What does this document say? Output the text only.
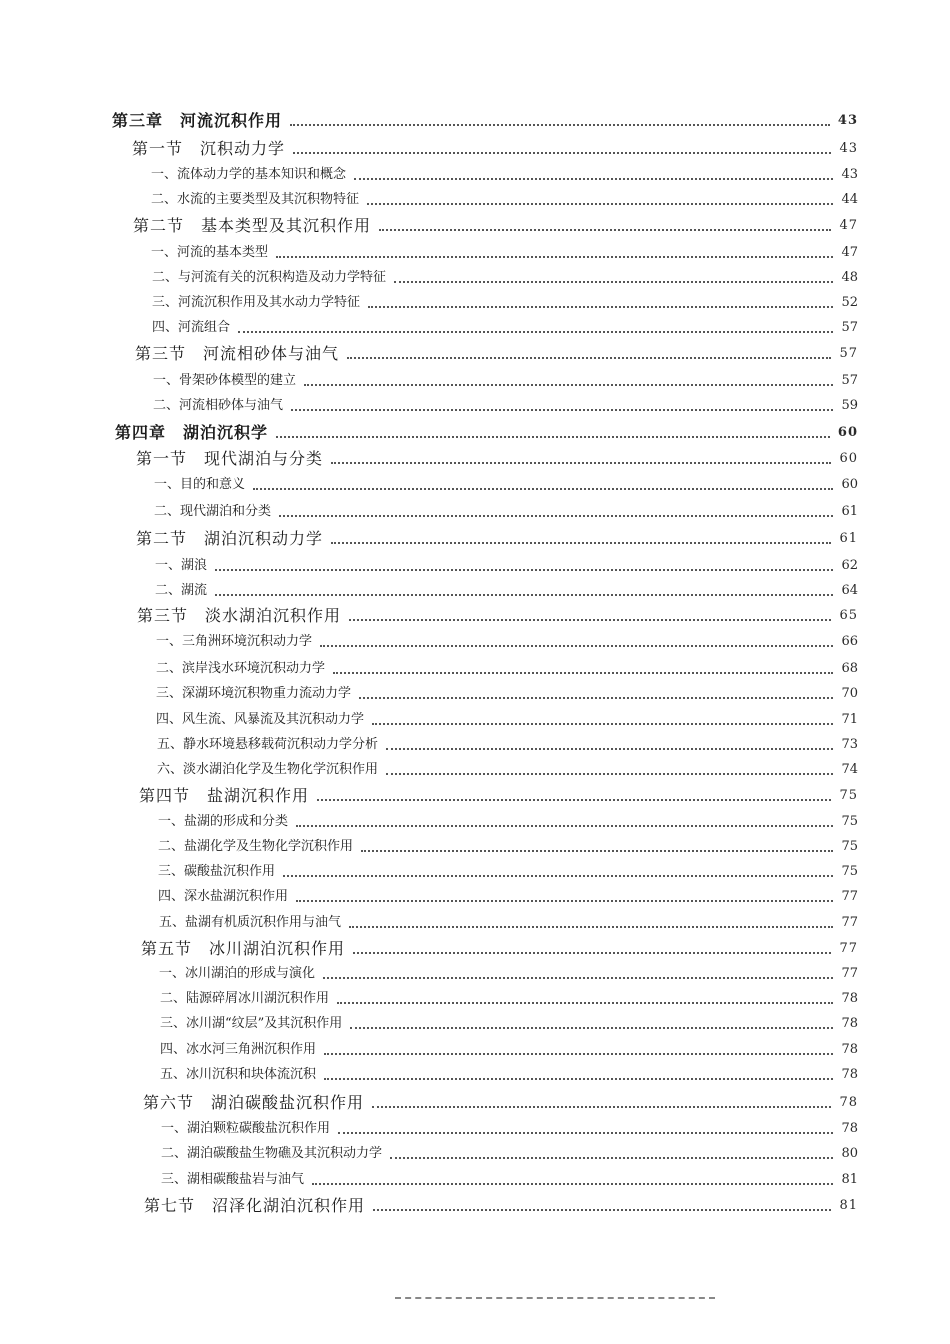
第三章　河流沉积作用	43
第一节　沉积动力学	43
一、流体动力学的基本知识和概念	43
二、水流的主要类型及其沉积物特征	44
第二节　基本类型及其沉积作用	47
一、河流的基本类型	47
二、与河流有关的沉积构造及动力学特征	48
三、河流沉积作用及其水动力学特征	52
四、河流组合	57
第三节　河流相砂体与油气	57
一、骨架砂体模型的建立	57
二、河流相砂体与油气	59
第四章　湖泊沉积学	60
第一节　现代湖泊与分类	60
一、目的和意义	60
二、现代湖泊和分类	61
第二节　湖泊沉积动力学	61
一、湖浪	62
二、湖流	64
第三节　淡水湖泊沉积作用	65
一、三角洲环境沉积动力学	66
二、滨岸浅水环境沉积动力学	68
三、深湖环境沉积物重力流动力学	70
四、风生流、风暴流及其沉积动力学	71
五、静水环境悬移载荷沉积动力学分析	73
六、淡水湖泊化学及生物化学沉积作用	74
第四节　盐湖沉积作用	75
一、盐湖的形成和分类	75
二、盐湖化学及生物化学沉积作用	75
三、碳酸盐沉积作用	75
四、深水盐湖沉积作用	77
五、盐湖有机质沉积作用与油气	77
第五节　冰川湖泊沉积作用	77
一、冰川湖泊的形成与演化	77
二、陆源碎屑冰川湖沉积作用	78
三、冰川湖“纹层”及其沉积作用	78
四、冰水河三角洲沉积作用	78
五、冰川沉积和块体流沉积	78
第六节　湖泊碳酸盐沉积作用	78
一、湖泊颗粒碳酸盐沉积作用	78
二、湖泊碳酸盐生物礁及其沉积动力学	80
三、湖相碳酸盐岩与油气	81
第七节　沼泽化湖泊沉积作用	81
